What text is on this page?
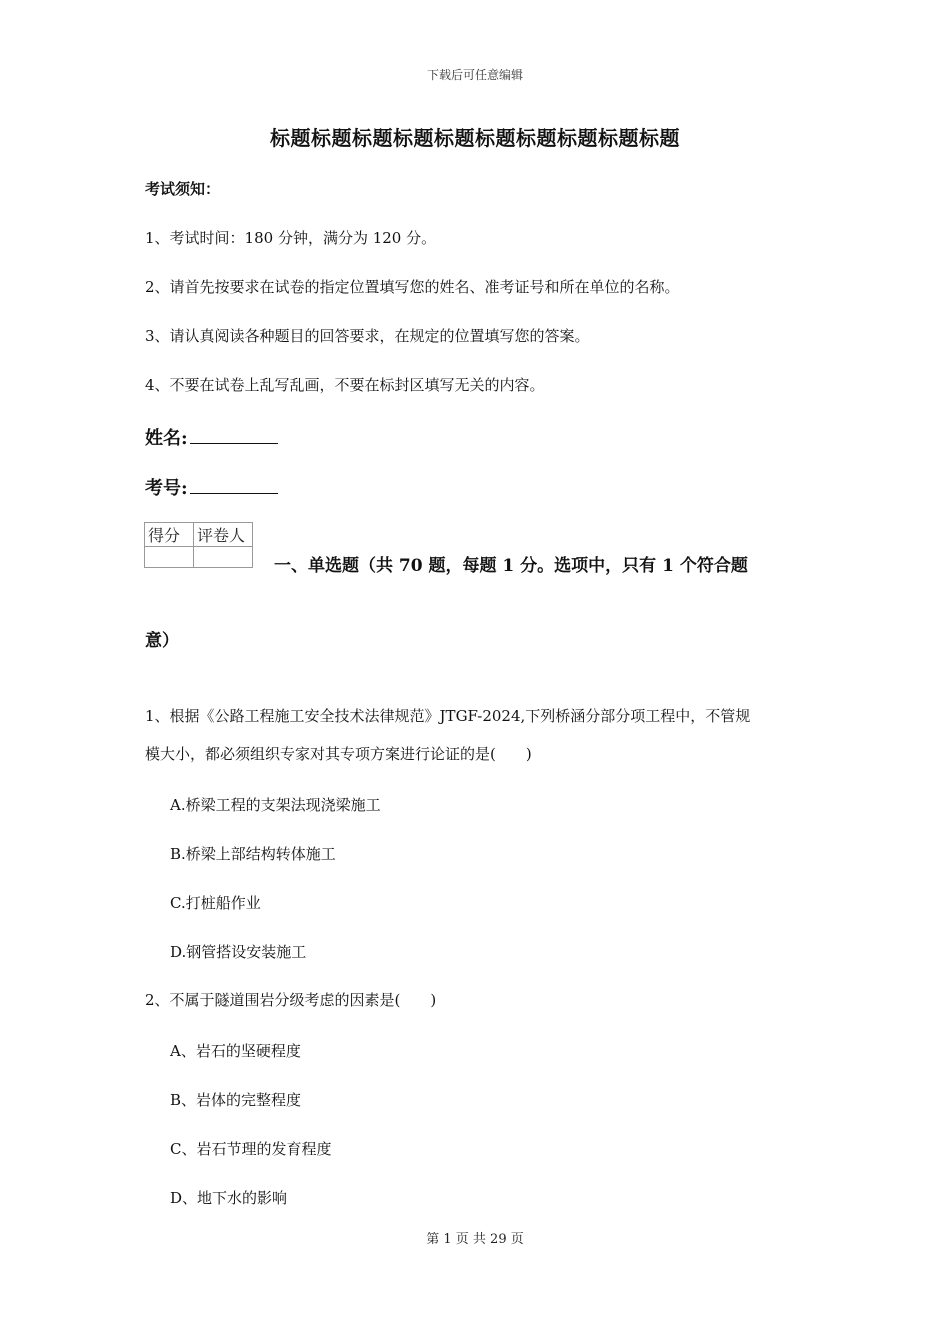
下载后可任意编辑
标题标题标题标题标题标题标题标题标题标题
考试须知：
1、考试时间：180 分钟，满分为 120 分。
2、请首先按要求在试卷的指定位置填写您的姓名、准考证号和所在单位的名称。
3、请认真阅读各种题目的回答要求，在规定的位置填写您的答案。
4、不要在试卷上乱写乱画，不要在标封区填写无关的内容。
姓名:
考号:
得分	评卷人

一、单选题（共 70 题，每题 1 分。选项中，只有 1 个符合题
意）
1、根据《公路工程施工安全技术法律规范》JTGF-2024,下列桥涵分部分项工程中，不管规
模大小，都必须组织专家对其专项方案进行论证的是(　　)
A.桥梁工程的支架法现浇梁施工
B.桥梁上部结构转体施工
C.打桩船作业
D.钢管搭设安装施工
2、不属于隧道围岩分级考虑的因素是(　　)
A、岩石的坚硬程度
B、岩体的完整程度
C、岩石节理的发育程度
D、地下水的影响
第 1 页 共 29 页
